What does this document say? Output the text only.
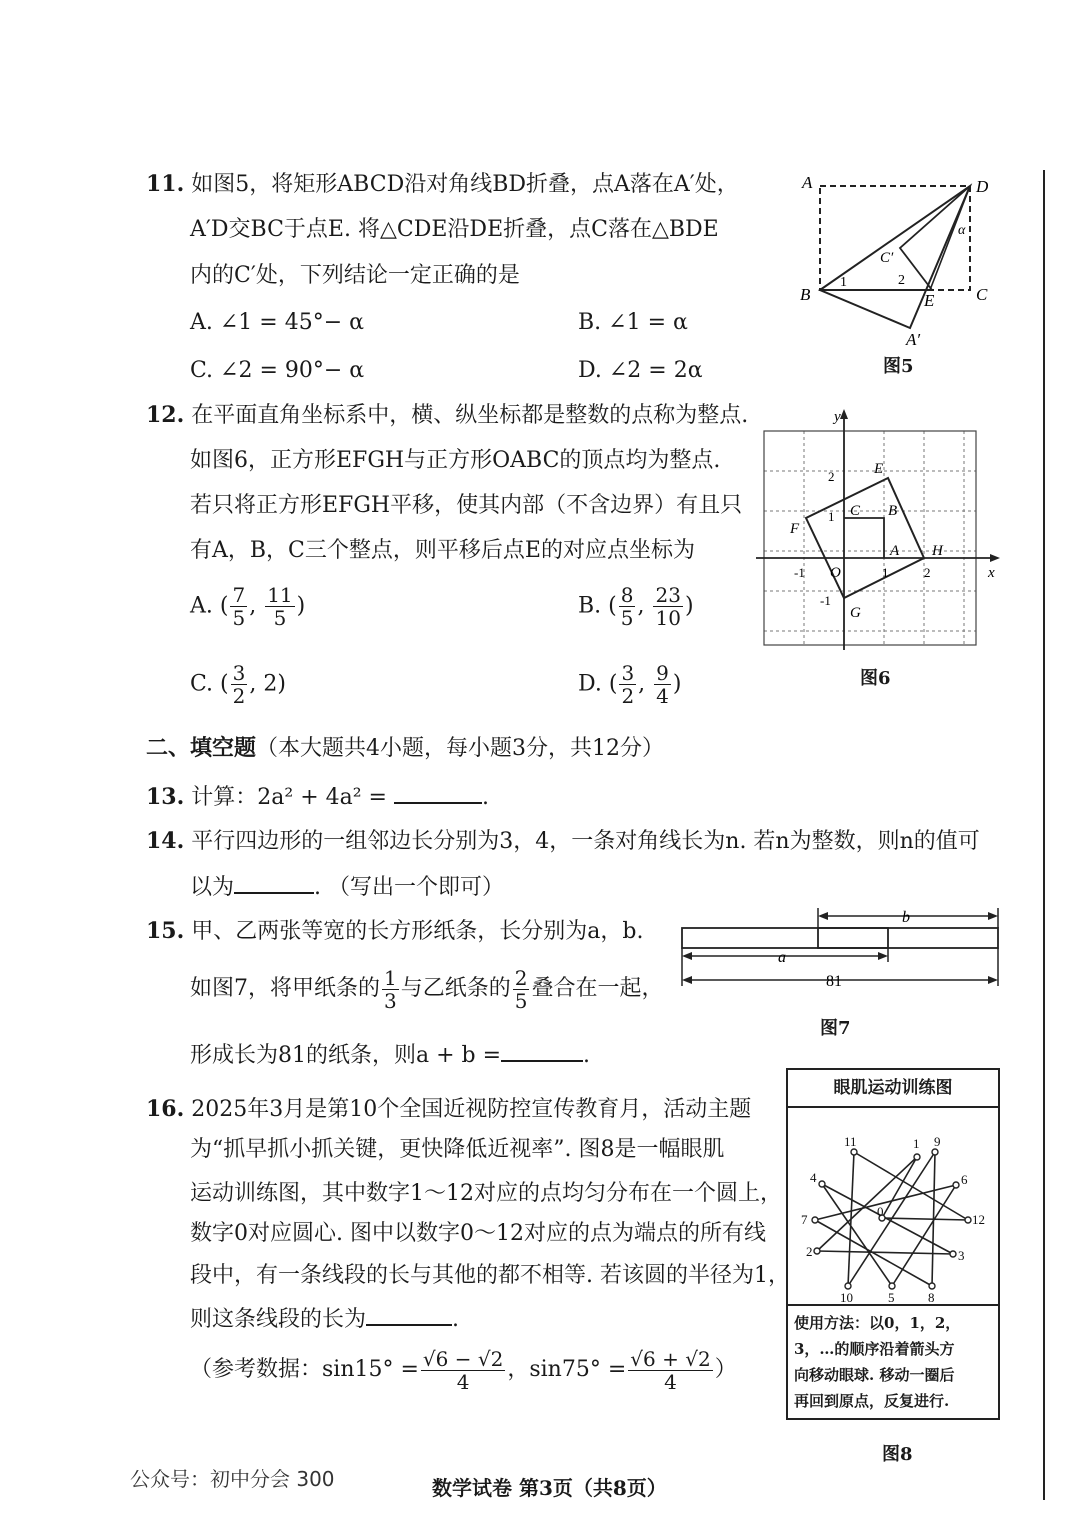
11. 如图5，将矩形ABCD沿对角线BD折叠，点A落在A′处，
A′D交BC于点E. 将△CDE沿DE折叠，点C落在△BDE
内的C′处，下列结论一定正确的是
A. ∠1 = 45°− α	B. ∠1 = α
C. ∠2 = 90°− α	D. ∠2 = 2α
A	D
B	C
E
A′
C′
1	2
α
图5
12. 在平面直角坐标系中，横、纵坐标都是整数的点称为整点.
如图6，正方形EFGH与正方形OABC的顶点均为整点.
若只将正方形EFGH平移，使其内部（不含边界）有且只
有A，B，C三个整点，则平移后点E的对应点坐标为
A. ( $\frac{7}{5}$ , $\frac{11}{5}$ )	B. ( $\frac{8}{5}$ , $\frac{23}{10}$ )
C. ( $\frac{3}{2}$ , 2)	D. ( $\frac{3}{2}$ , $\frac{9}{4}$ )
y
x
O
E
F
G
H
A
B
C
2
1
-1
-1	1	2
图6
二、填空题（本大题共4小题，每小题3分，共12分）
13. 计算：2a² + 4a² =	.
14. 平行四边形的一组邻边长分别为3，4，一条对角线长为n. 若n为整数，则n的值可
以为	. （写出一个即可）
15. 甲、乙两张等宽的长方形纸条，长分别为a，b.
如图7，将甲纸条的 $\frac{1}{3}$ 与乙纸条的 $\frac{2}{5}$ 叠合在一起，
形成长为81的纸条，则a + b =	.
b
a
81
图7
16. 2025年3月是第10个全国近视防控宣传教育月，活动主题
为“抓早抓小抓关键，更快降低近视率”. 图8是一幅眼肌
运动训练图，其中数字1～12对应的点均匀分布在一个圆上，
数字0对应圆心. 图中以数字0～12对应的点为端点的所有线
段中，有一条线段的长与其他的都不相等. 若该圆的半径为1，
则这条线段的长为	.
（参考数据：$\sin 15^\circ = \frac{√6 - √2}{4}$ ，$\sin 75^\circ = \frac{√6 + √2}{4}$ ）
眼肌运动训练图
0
1
2	3
4
5
6
7
8
9
10
11
12
使用方法：以0，1，2，
3，…的顺序沿着箭头方
向移动眼球. 移动一圈后
再回到原点，反复进行.
图8
公众号：初中分会 300	数学试卷 第3页（共8页）
